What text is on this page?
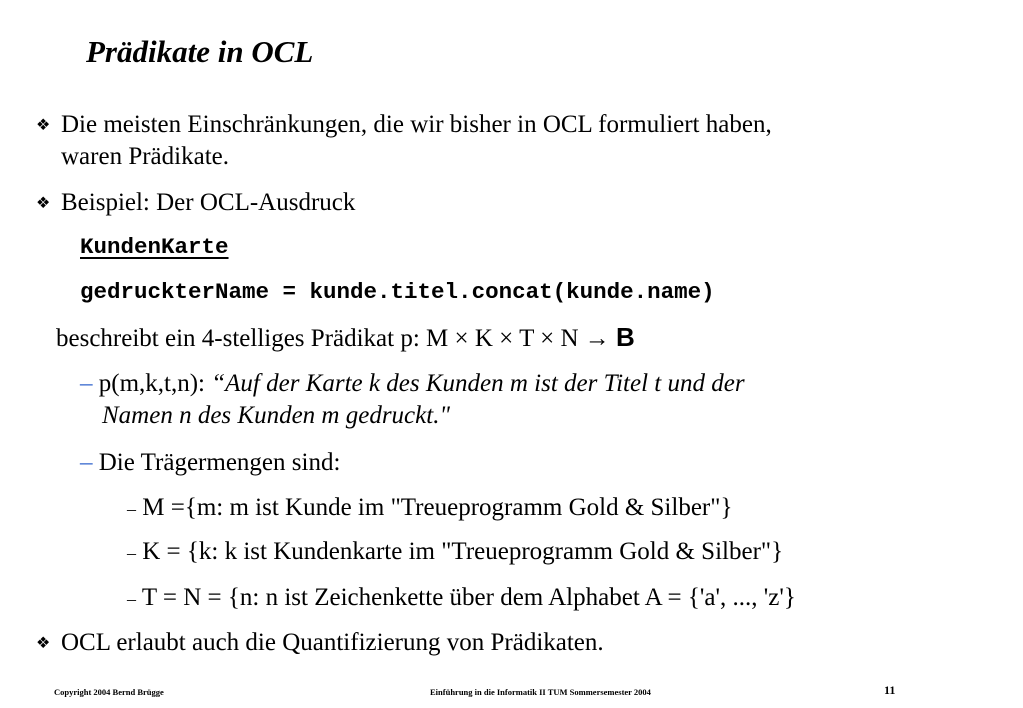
Prädikate in OCL
❖ Die meisten Einschränkungen, die wir bisher in OCL formuliert haben,
waren Prädikate.
❖ Beispiel: Der OCL-Ausdruck
KundenKarte
gedruckterName = kunde.titel.concat(kunde.name)
beschreibt ein 4-stelliges Prädikat p: M × K × T × N → B
– p(m,k,t,n): “Auf der Karte k des Kunden m ist der Titel t und der
Namen n des Kunden m gedruckt."
– Die Trägermengen sind:
– M ={m: m ist Kunde im "Treueprogramm Gold & Silber"}
– K = {k: k ist Kundenkarte im "Treueprogramm Gold & Silber"}
– T = N = {n: n ist Zeichenkette über dem Alphabet A = {'a', ..., 'z'}
❖ OCL erlaubt auch die Quantifizierung von Prädikaten.
Copyright 2004 Bernd Brügge	Einführung in die Informatik II TUM Sommersemester 2004	11
